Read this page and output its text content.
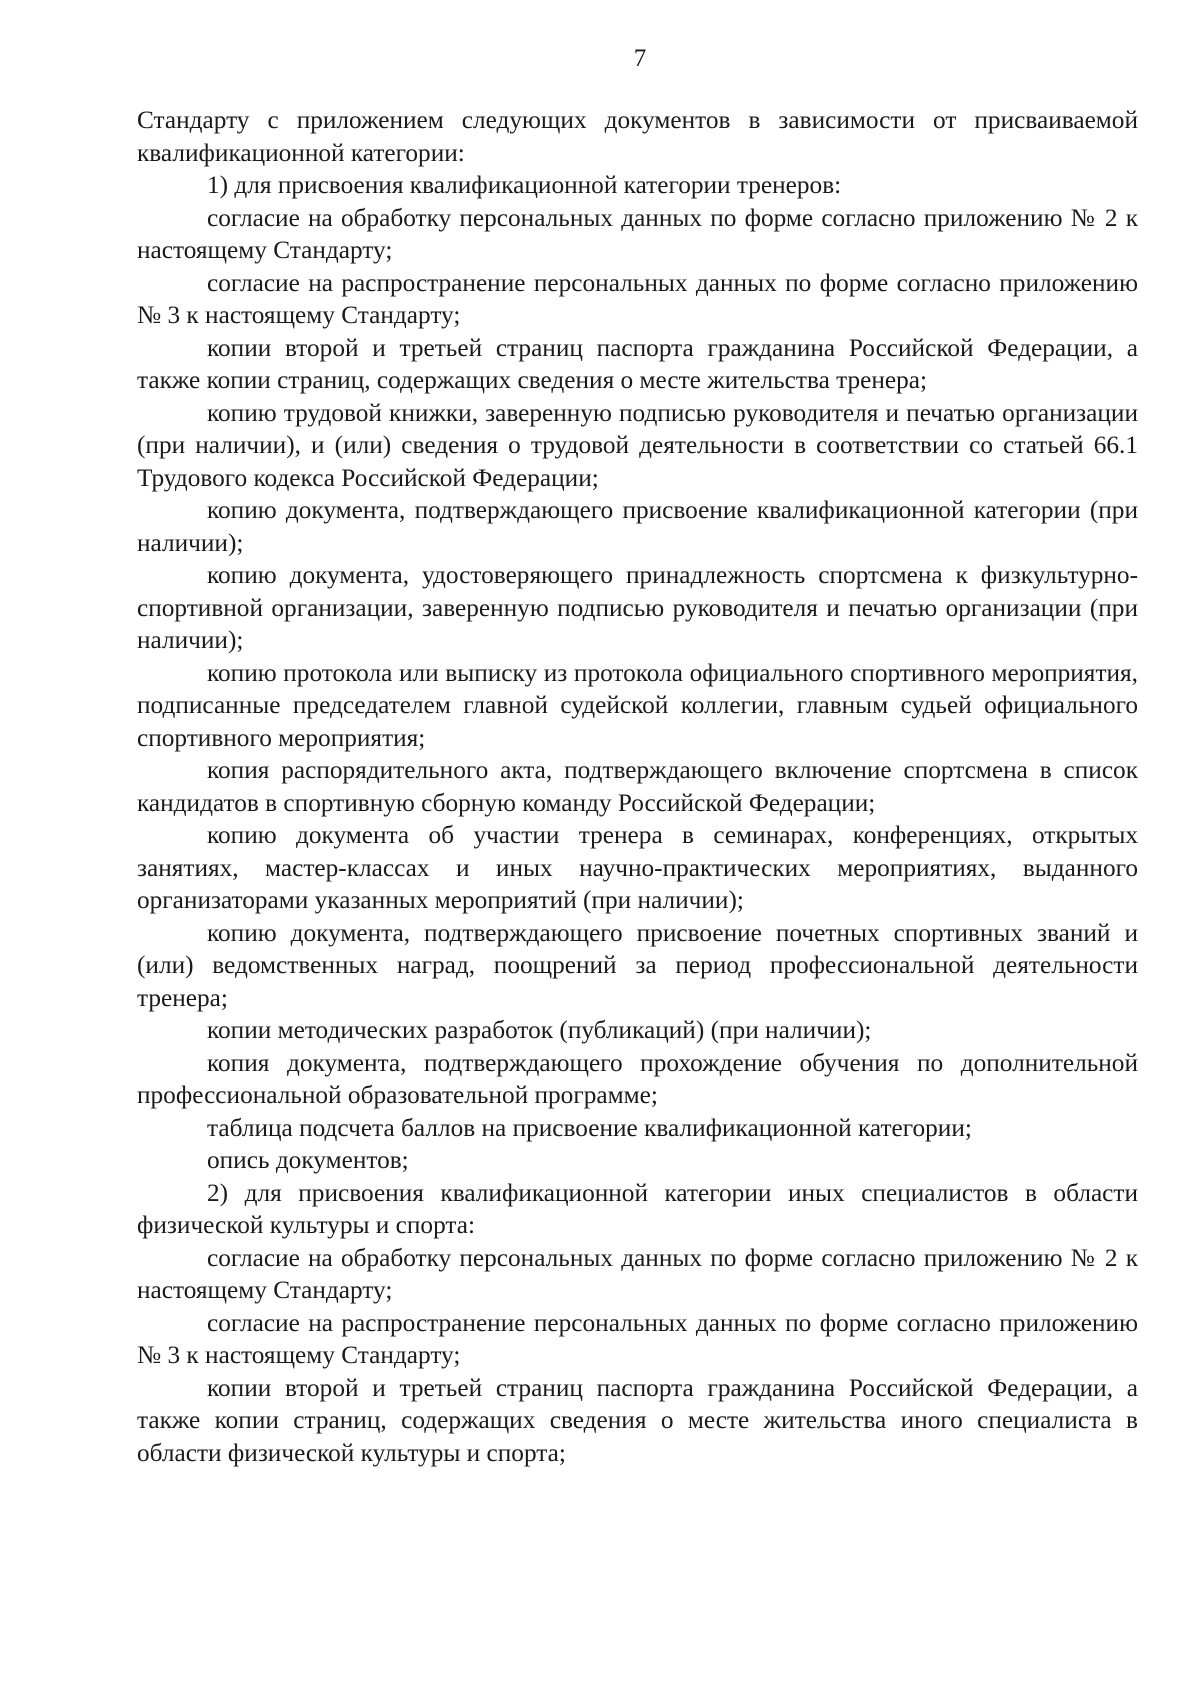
7

Стандарту с приложением следующих документов в зависимости от присваиваемой квалификационной категории:

1) для присвоения квалификационной категории тренеров:

согласие на обработку персональных данных по форме согласно приложению № 2 к настоящему Стандарту;

согласие на распространение персональных данных по форме согласно приложению № 3 к настоящему Стандарту;

копии второй и третьей страниц паспорта гражданина Российской Федерации, а также копии страниц, содержащих сведения о месте жительства тренера;

копию трудовой книжки, заверенную подписью руководителя и печатью организации (при наличии), и (или) сведения о трудовой деятельности в соответствии со статьей 66.1 Трудового кодекса Российской Федерации;

копию документа, подтверждающего присвоение квалификационной категории (при наличии);

копию документа, удостоверяющего принадлежность спортсмена к физкультурно-спортивной организации, заверенную подписью руководителя и печатью организации (при наличии);

копию протокола или выписку из протокола официального спортивного мероприятия, подписанные председателем главной судейской коллегии, главным судьей официального спортивного мероприятия;

копия распорядительного акта, подтверждающего включение спортсмена в список кандидатов в спортивную сборную команду Российской Федерации;

копию документа об участии тренера в семинарах, конференциях, открытых занятиях, мастер-классах и иных научно-практических мероприятиях, выданного организаторами указанных мероприятий (при наличии);

копию документа, подтверждающего присвоение почетных спортивных званий и (или) ведомственных наград, поощрений за период профессиональной деятельности тренера;

копии методических разработок (публикаций) (при наличии);

копия документа, подтверждающего прохождение обучения по дополнительной профессиональной образовательной программе;

таблица подсчета баллов на присвоение квалификационной категории;

опись документов;

2) для присвоения квалификационной категории иных специалистов в области физической культуры и спорта:

согласие на обработку персональных данных по форме согласно приложению № 2 к настоящему Стандарту;

согласие на распространение персональных данных по форме согласно приложению № 3 к настоящему Стандарту;

копии второй и третьей страниц паспорта гражданина Российской Федерации, а также копии страниц, содержащих сведения о месте жительства иного специалиста в области физической культуры и спорта;
